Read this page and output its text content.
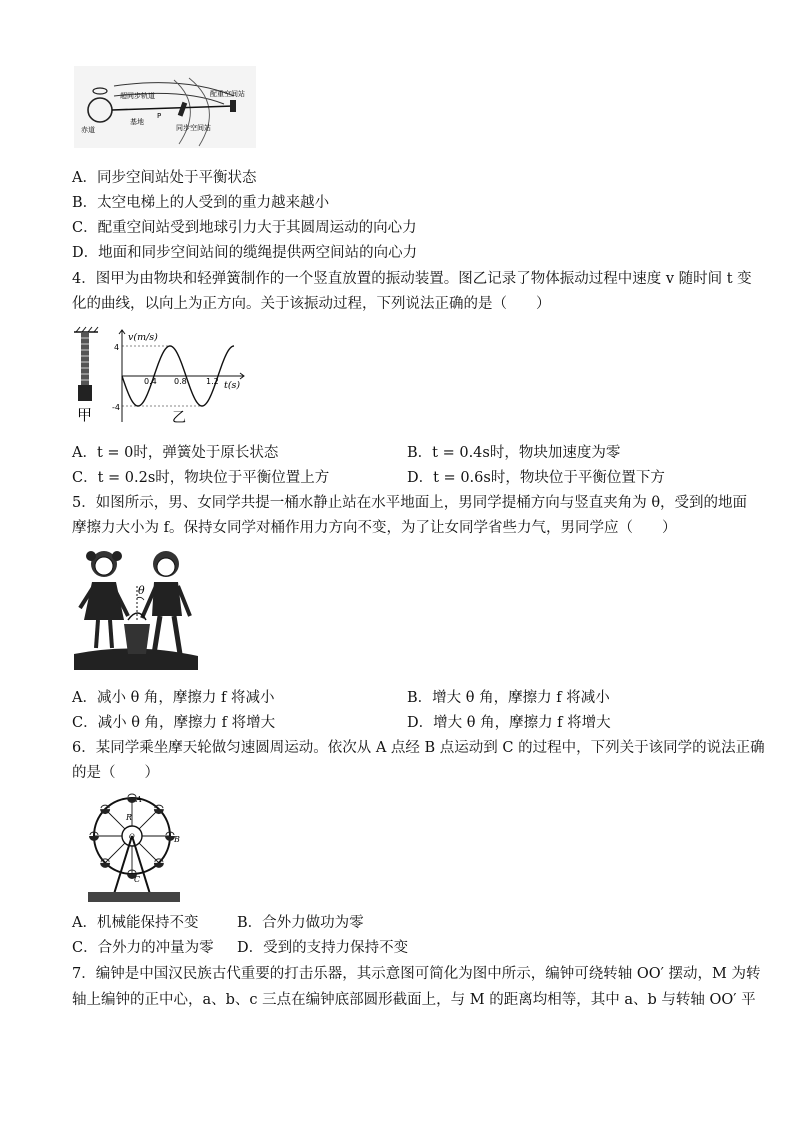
赤道
超同步轨道
基地
P
同步空间站
配重空间站
A．同步空间站处于平衡状态
B．太空电梯上的人受到的重力越来越小
C．配重空间站受到地球引力大于其圆周运动的向心力
D．地面和同步空间站间的缆绳提供两空间站的向心力
4．图甲为由物块和轻弹簧制作的一个竖直放置的振动装置。图乙记录了物体振动过程中速度 v 随时间 t 变
化的曲线，以向上为正方向。关于该振动过程，下列说法正确的是（　　）
甲
v(m/s)
t(s)
4
-4
0.4 0.8 1.2
乙
A．t = 0时，弹簧处于原长状态	B．t = 0.4s时，物块加速度为零
C．t = 0.2s时，物块位于平衡位置上方	D．t = 0.6s时，物块位于平衡位置下方
5．如图所示，男、女同学共提一桶水静止站在水平地面上，男同学提桶方向与竖直夹角为 θ，受到的地面
摩擦力大小为 f。保持女同学对桶作用力方向不变，为了让女同学省些力气，男同学应（　　）
θ
A．减小 θ 角，摩擦力 f 将减小	B．增大 θ 角，摩擦力 f 将减小
C．减小 θ 角，摩擦力 f 将增大	D．增大 θ 角，摩擦力 f 将增大
6．某同学乘坐摩天轮做匀速圆周运动。依次从 A 点经 B 点运动到 C 的过程中，下列关于该同学的说法正确
的是（　　）
A
B
C
R
O
A．机械能保持不变	B．合外力做功为零
C．合外力的冲量为零 D．受到的支持力保持不变
7．编钟是中国汉民族古代重要的打击乐器，其示意图可简化为图中所示，编钟可绕转轴 OO′ 摆动，M 为转
轴上编钟的正中心，a、b、c 三点在编钟底部圆形截面上，与 M 的距离均相等，其中 a、b 与转轴 OO′ 平
